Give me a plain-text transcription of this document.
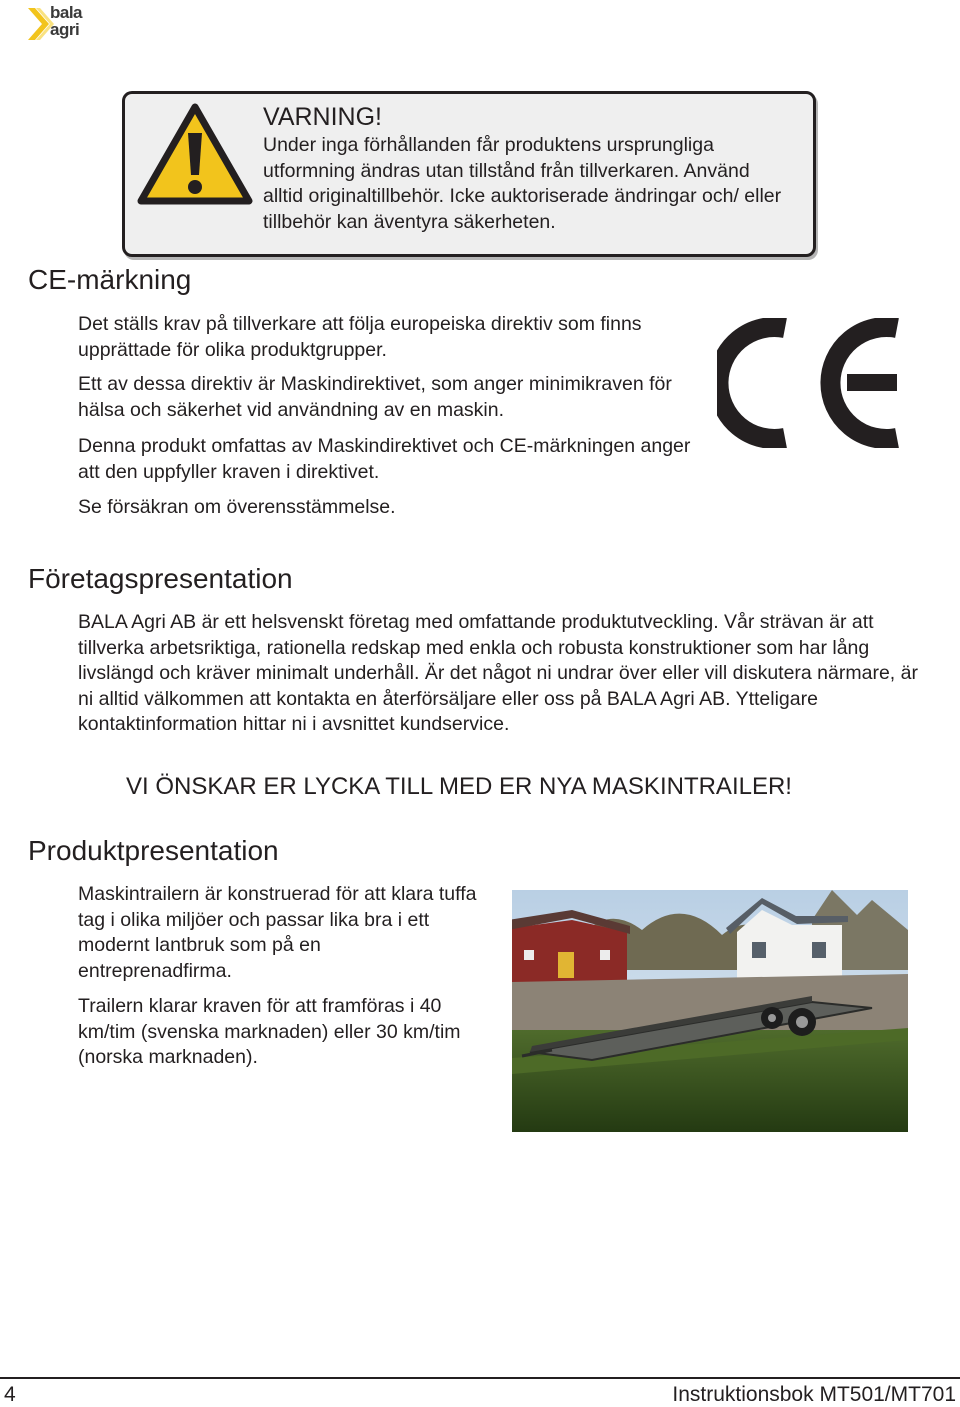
bala
agri
VARNING!
Under inga förhållanden får produktens ursprungliga utformning ändras utan tillstånd från tillverkaren. Använd alltid originaltillbehör. Icke auktoriserade ändringar och/ eller tillbehör kan äventyra säkerheten.
CE-märkning

Det ställs krav på tillverkare att följa europeiska direktiv som finns upprättade för olika produktgrupper.

Ett av dessa direktiv är Maskindirektivet, som anger minimikraven för hälsa och säkerhet vid användning av en maskin.

Denna produkt omfattas av Maskindirektivet och CE-märkningen anger att den uppfyller kraven i direktivet.

Se försäkran om överensstämmelse.

Företagspresentation

BALA Agri AB är ett helsvenskt företag med omfattande produktutveckling. Vår strävan är att tillverka arbetsriktiga, rationella redskap med enkla och robusta konstruktioner som har lång livslängd och kräver minimalt underhåll. Är det något ni undrar över eller vill diskutera närmare, är ni alltid välkommen att kontakta en återförsäljare eller oss på BALA Agri AB. Ytteligare kontaktinformation hittar ni i avsnittet kundservice.

VI ÖNSKAR ER LYCKA TILL MED ER NYA MASKINTRAILER!
Produktpresentation

Maskintrailern är konstruerad för att klara tuffa tag i olika miljöer och passar lika bra i ett modernt lantbruk som på en entreprenadfirma.

Trailern klarar kraven för att framföras i 40 km/tim (svenska marknaden) eller 30 km/tim (norska marknaden).

4	Instruktionsbok MT501/MT701
